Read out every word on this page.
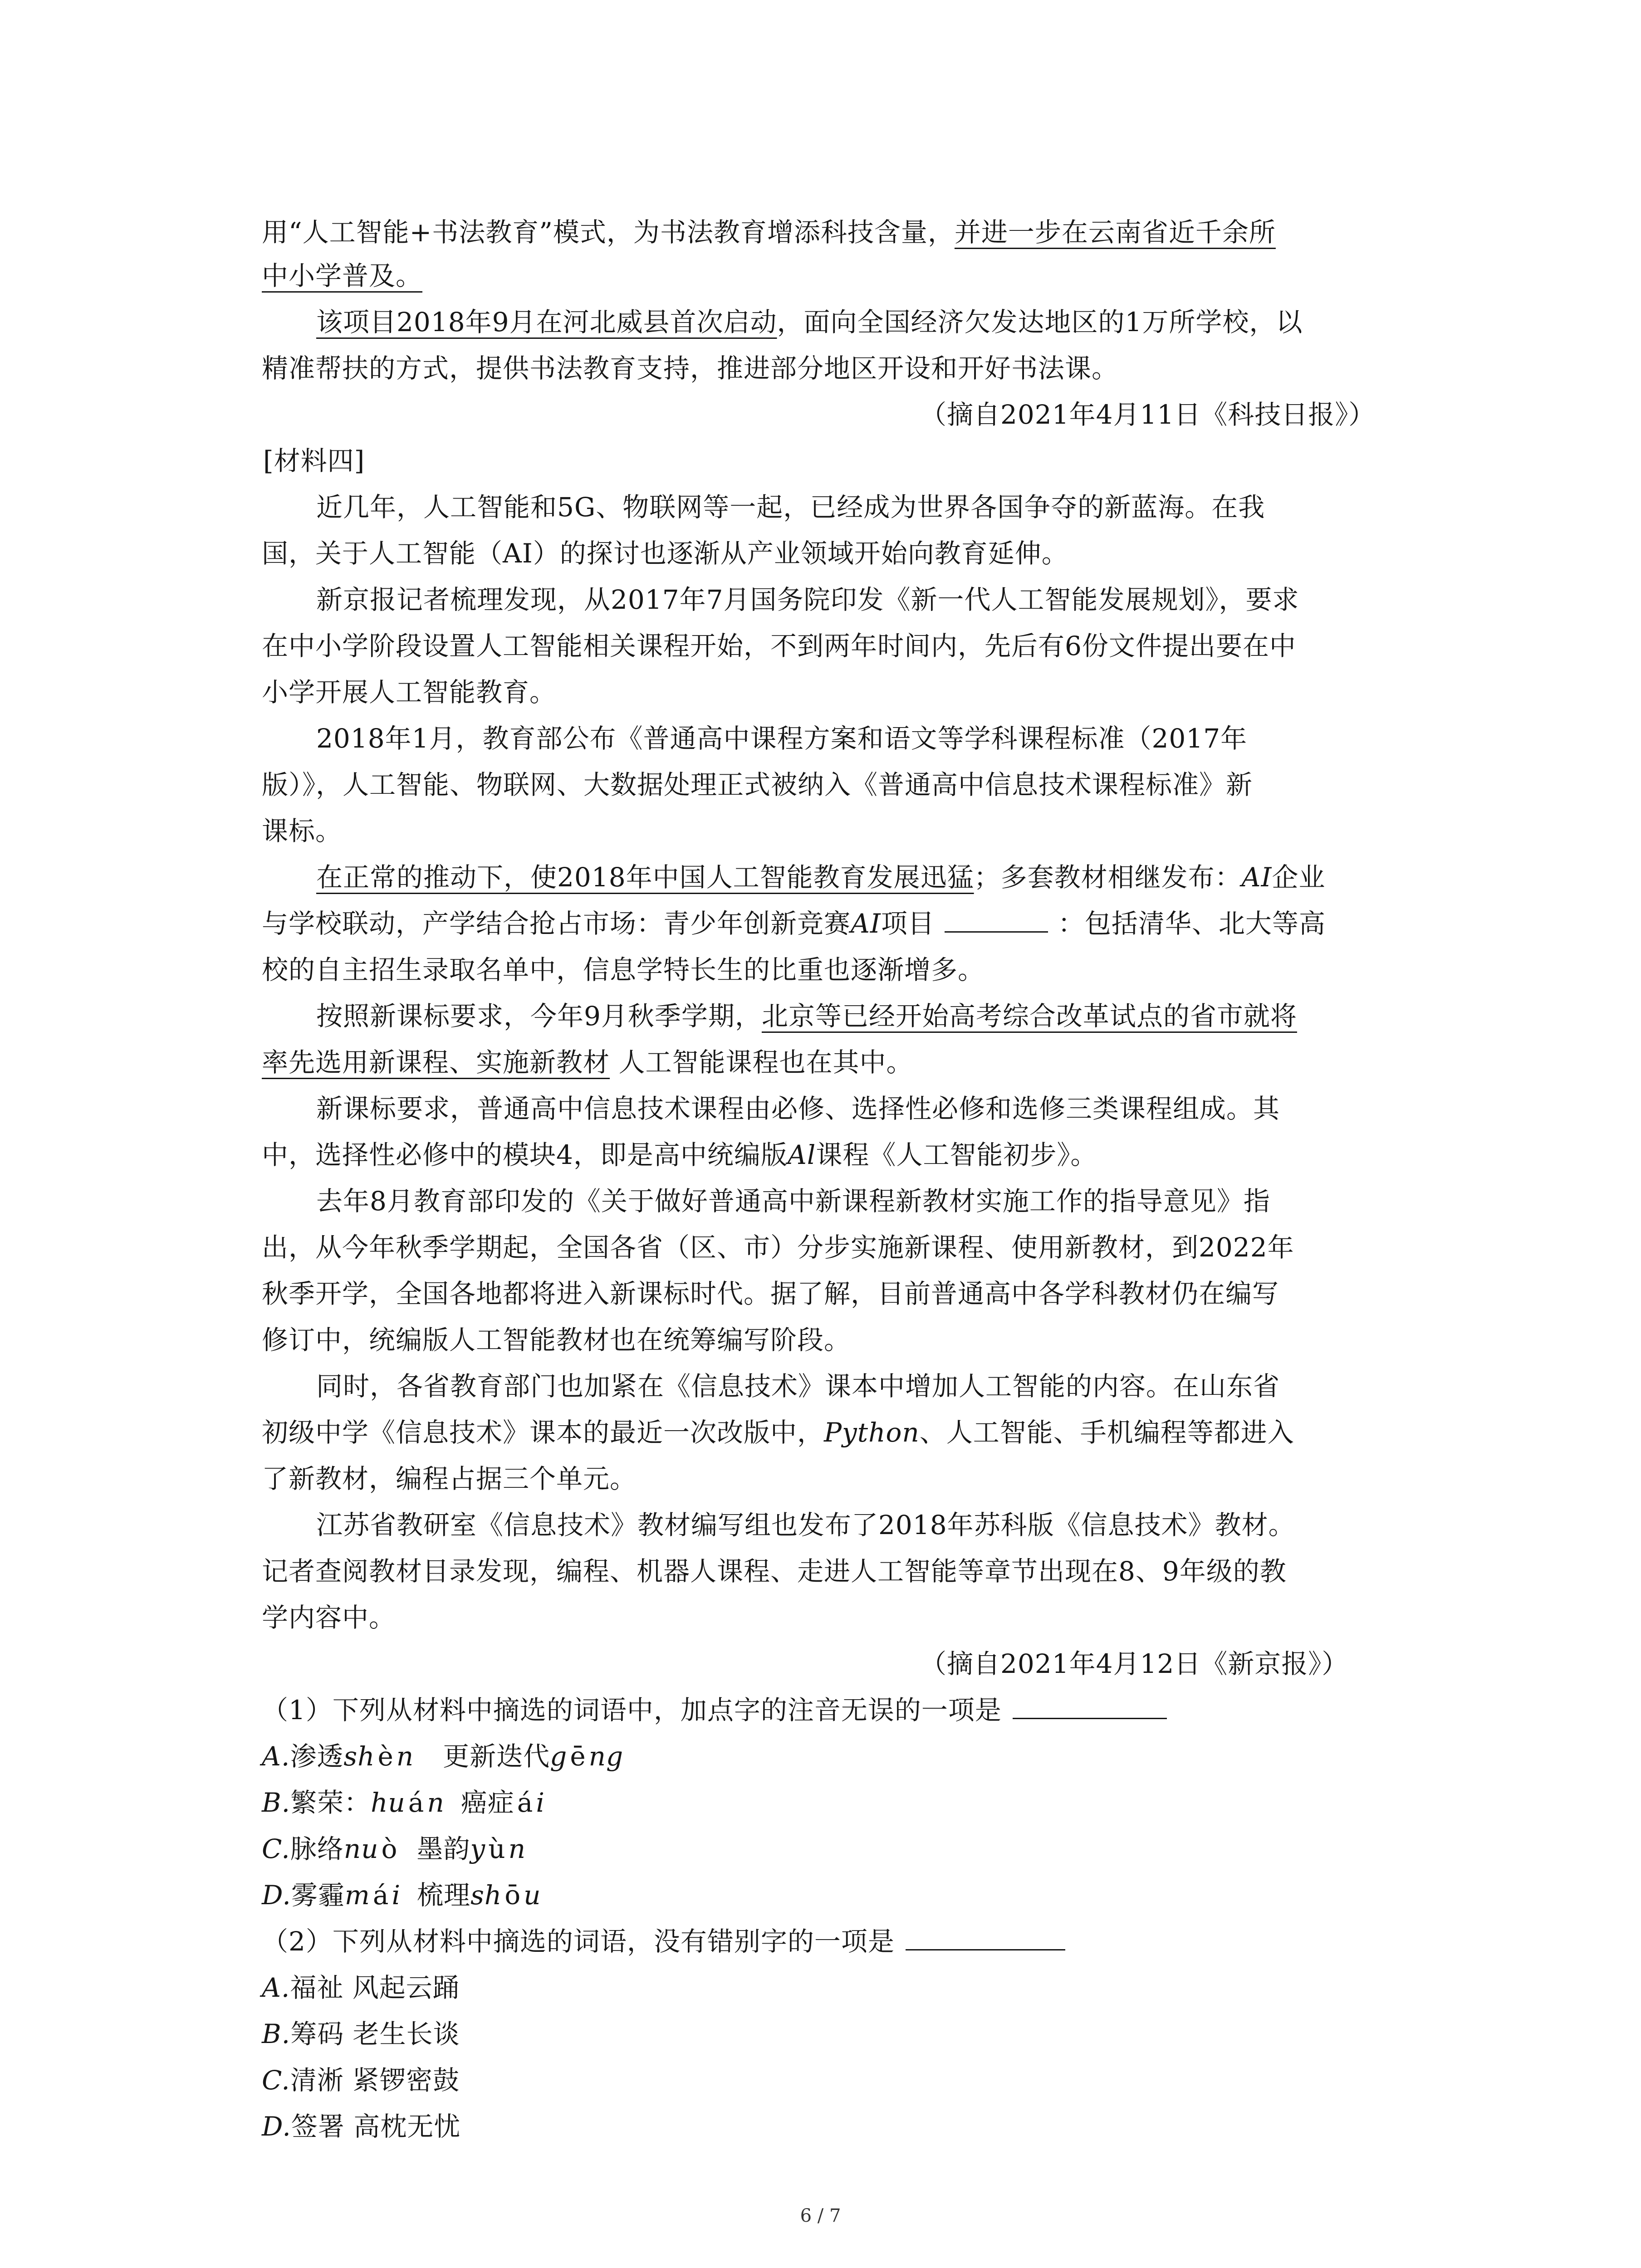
用“人工智能+书法教育”模式，为书法教育增添科技含量，并进一步在云南省近千余所
中小学普及。
该项目2018年9月在河北威县首次启动，面向全国经济欠发达地区的1万所学校，以
精准帮扶的方式，提供书法教育支持，推进部分地区开设和开好书法课。
（摘自2021年4月11日《科技日报》）
[材料四]
近几年，人工智能和5G、物联网等一起，已经成为世界各国争夺的新蓝海。在我
国，关于人工智能（AI）的探讨也逐渐从产业领域开始向教育延伸。
新京报记者梳理发现，从2017年7月国务院印发《新一代人工智能发展规划》，要求
在中小学阶段设置人工智能相关课程开始，不到两年时间内，先后有6份文件提出要在中
小学开展人工智能教育。
2018年1月，教育部公布《普通高中课程方案和语文等学科课程标准（2017年
版）》，人工智能、物联网、大数据处理正式被纳入《普通高中信息技术课程标准》新
课标。
在正常的推动下，使2018年中国人工智能教育发展迅猛；多套教材相继发布：AI企业
与学校联动，产学结合抢占市场：青少年创新竞赛AI项目	：包括清华、北大等高
校的自主招生录取名单中，信息学特长生的比重也逐渐增多。
按照新课标要求，今年9月秋季学期，北京等已经开始高考综合改革试点的省市就将
率先选用新课程、实施新教材 人工智能课程也在其中。
新课标要求，普通高中信息技术课程由必修、选择性必修和选修三类课程组成。其
中，选择性必修中的模块4，即是高中统编版Al课程《人工智能初步》。
去年8月教育部印发的《关于做好普通高中新课程新教材实施工作的指导意见》指
出，从今年秋季学期起，全国各省（区、市）分步实施新课程、使用新教材，到2022年
秋季开学，全国各地都将进入新课标时代。据了解，目前普通高中各学科教材仍在编写
修订中，统编版人工智能教材也在统筹编写阶段。
同时，各省教育部门也加紧在《信息技术》课本中增加人工智能的内容。在山东省
初级中学《信息技术》课本的最近一次改版中，Python、人工智能、手机编程等都进入
了新教材，编程占据三个单元。
江苏省教研室《信息技术》教材编写组也发布了2018年苏科版《信息技术》教材。
记者查阅教材目录发现，编程、机器人课程、走进人工智能等章节出现在8、9年级的教
学内容中。
（摘自2021年4月12日《新京报》）
（1）下列从材料中摘选的词语中，加点字的注音无误的一项是
A.渗透sh è n 更新迭代g ē ng
B.繁荣：hu á n 癌症 á i
C.脉络nu ò 墨韵y ù n
D.雾霾m á i 梳理sh ō u
（2）下列从材料中摘选的词语，没有错别字的一项是
A.福祉 风起云踊
B.筹码 老生长谈
C.清淅 紧锣密鼓
D.签署 高枕无忧
6 / 7
